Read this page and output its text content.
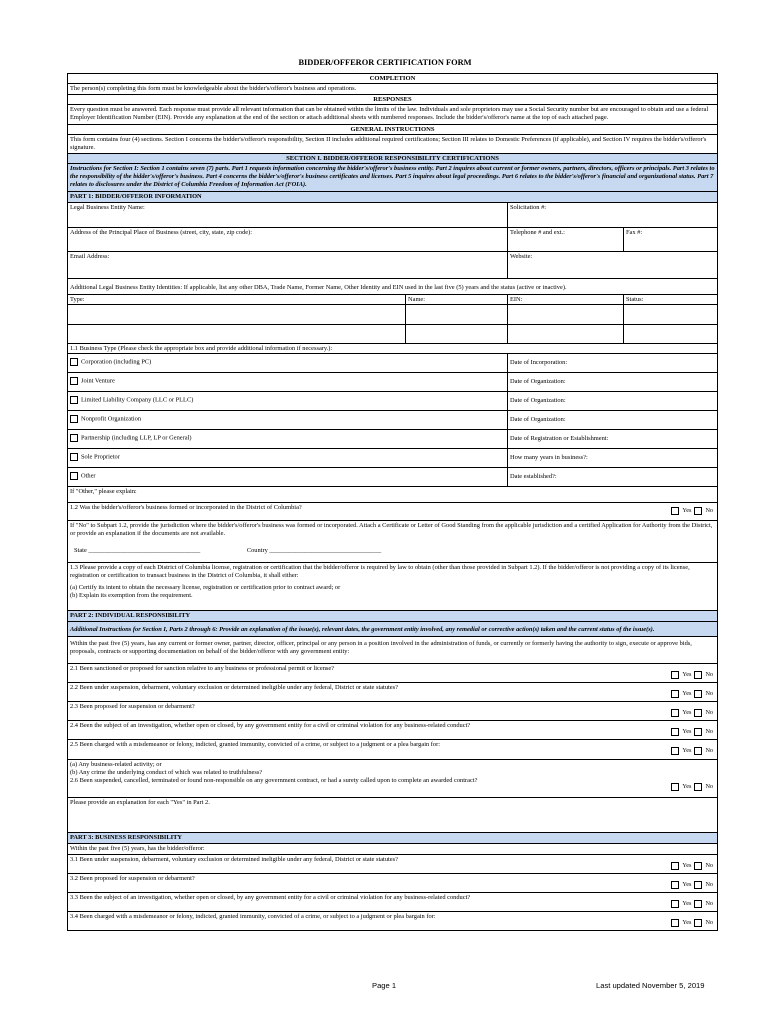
BIDDER/OFFEROR CERTIFICATION FORM
COMPLETION
The person(s) completing this form must be knowledgeable about the bidder's/offeror's business and operations.
RESPONSES
Every question must be answered. Each response must provide all relevant information that can be obtained within the limits of the law. Individuals and sole proprietors may use a Social Security number but are encouraged to obtain and use a federal Employer Identification Number (EIN). Provide any explanation at the end of the section or attach additional sheets with numbered responses. Include the bidder's/offeror's name at the top of each attached page.
GENERAL INSTRUCTIONS
This form contains four (4) sections. Section I concerns the bidder's/offeror's responsibility, Section II includes additional required certifications; Section III relates to Domestic Preferences (if applicable), and Section IV requires the bidder's/offeror's signature.
SECTION I. BIDDER/OFFEROR RESPONSIBILITY CERTIFICATIONS
Instructions for Section I: Section 1 contains seven (7) parts. Part 1 requests information concerning the bidder's/offeror's business entity. Part 2 inquires about current or former owners, partners, directors, officers or principals. Part 3 relates to the responsibility of the bidder's/offeror's business. Part 4 concerns the bidder's/offeror's business certificates and licenses. Part 5 inquires about legal proceedings. Part 6 relates to the bidder's/offeror's financial and organizational status. Part 7 relates to disclosures under the District of Columbia Freedom of Information Act (FOIA).
PART 1: BIDDER/OFFEROR INFORMATION
Legal Business Entity Name:	Solicitation #:
Address of the Principal Place of Business (street, city, state, zip code):	Telephone # and ext.:	Fax #:
Email Address:	Website:
Additional Legal Business Entity Identities: If applicable, list any other DBA, Trade Name, Former Name, Other Identity and EIN used in the last five (5) years and the status (active or inactive).
Type:	Name:	EIN:	Status:
1.1 Business Type (Please check the appropriate box and provide additional information if necessary.):
Corporation (including PC)	Date of Incorporation:
Joint Venture	Date of Organization:
Limited Liability Company (LLC or PLLC)	Date of Organization:
Nonprofit Organization	Date of Organization:
Partnership (including LLP, LP or General)	Date of Registration or Establishment:
Sole Proprietor	How many years in business?:
Other	Date established?:
If "Other," please explain:
1.2 Was the bidder's/offeror's business formed or incorporated in the District of Columbia?	Yes No
If "No" to Subpart 1.2, provide the jurisdiction where the bidder's/offeror's business was formed or incorporated. Attach a Certificate or Letter of Good Standing from the applicable jurisdiction and a certified Application for Authority from the District, or provide an explanation if the documents are not available.
State ___________________________________	Country ___________________________________
1.3 Please provide a copy of each District of Columbia license, registration or certification that the bidder/offeror is required by law to obtain (other than those provided in Subpart 1.2). If the bidder/offeror is not providing a copy of its license, registration or certification to transact business in the District of Columbia, it shall either:
(a) Certify its intent to obtain the necessary license, registration or certification prior to contract award; or
(b) Explain its exemption from the requirement.
PART 2: INDIVIDUAL RESPONSIBILITY
Additional Instructions for Section I, Parts 2 through 6: Provide an explanation of the issue(s), relevant dates, the government entity involved, any remedial or corrective action(s) taken and the current status of the issue(s).
Within the past five (5) years, has any current or former owner, partner, director, officer, principal or any person in a position involved in the administration of funds, or currently or formerly having the authority to sign, execute or approve bids, proposals, contracts or supporting documentation on behalf of the bidder/offeror with any government entity:
2.1 Been sanctioned or proposed for sanction relative to any business or professional permit or license?
Yes No
2.2 Been under suspension, debarment, voluntary exclusion or determined ineligible under any federal, District or state statutes?
Yes No
2.3 Been proposed for suspension or debarment?
Yes No
2.4 Been the subject of an investigation, whether open or closed, by any government entity for a civil or criminal violation for any business-related conduct?
Yes No
2.5 Been charged with a misdemeanor or felony, indicted, granted immunity, convicted of a crime, or subject to a judgment or a plea bargain for:
Yes No
(a) Any business-related activity; or
(b) Any crime the underlying conduct of which was related to truthfulness?
2.6 Been suspended, cancelled, terminated or found non-responsible on any government contract, or had a surety called upon to complete an awarded contract?
Yes No
Please provide an explanation for each "Yes" in Part 2.
PART 3: BUSINESS RESPONSIBILITY
Within the past five (5) years, has the bidder/offeror:
3.1 Been under suspension, debarment, voluntary exclusion or determined ineligible under any federal, District or state statutes?
Yes No
3.2 Been proposed for suspension or debarment?
Yes No
3.3 Been the subject of an investigation, whether open or closed, by any government entity for a civil or criminal violation for any business-related conduct?
Yes No
3.4 Been charged with a misdemeanor or felony, indicted, granted immunity, convicted of a crime, or subject to a judgment or plea bargain for:
Yes No
Page 1	Last updated November 5, 2019
